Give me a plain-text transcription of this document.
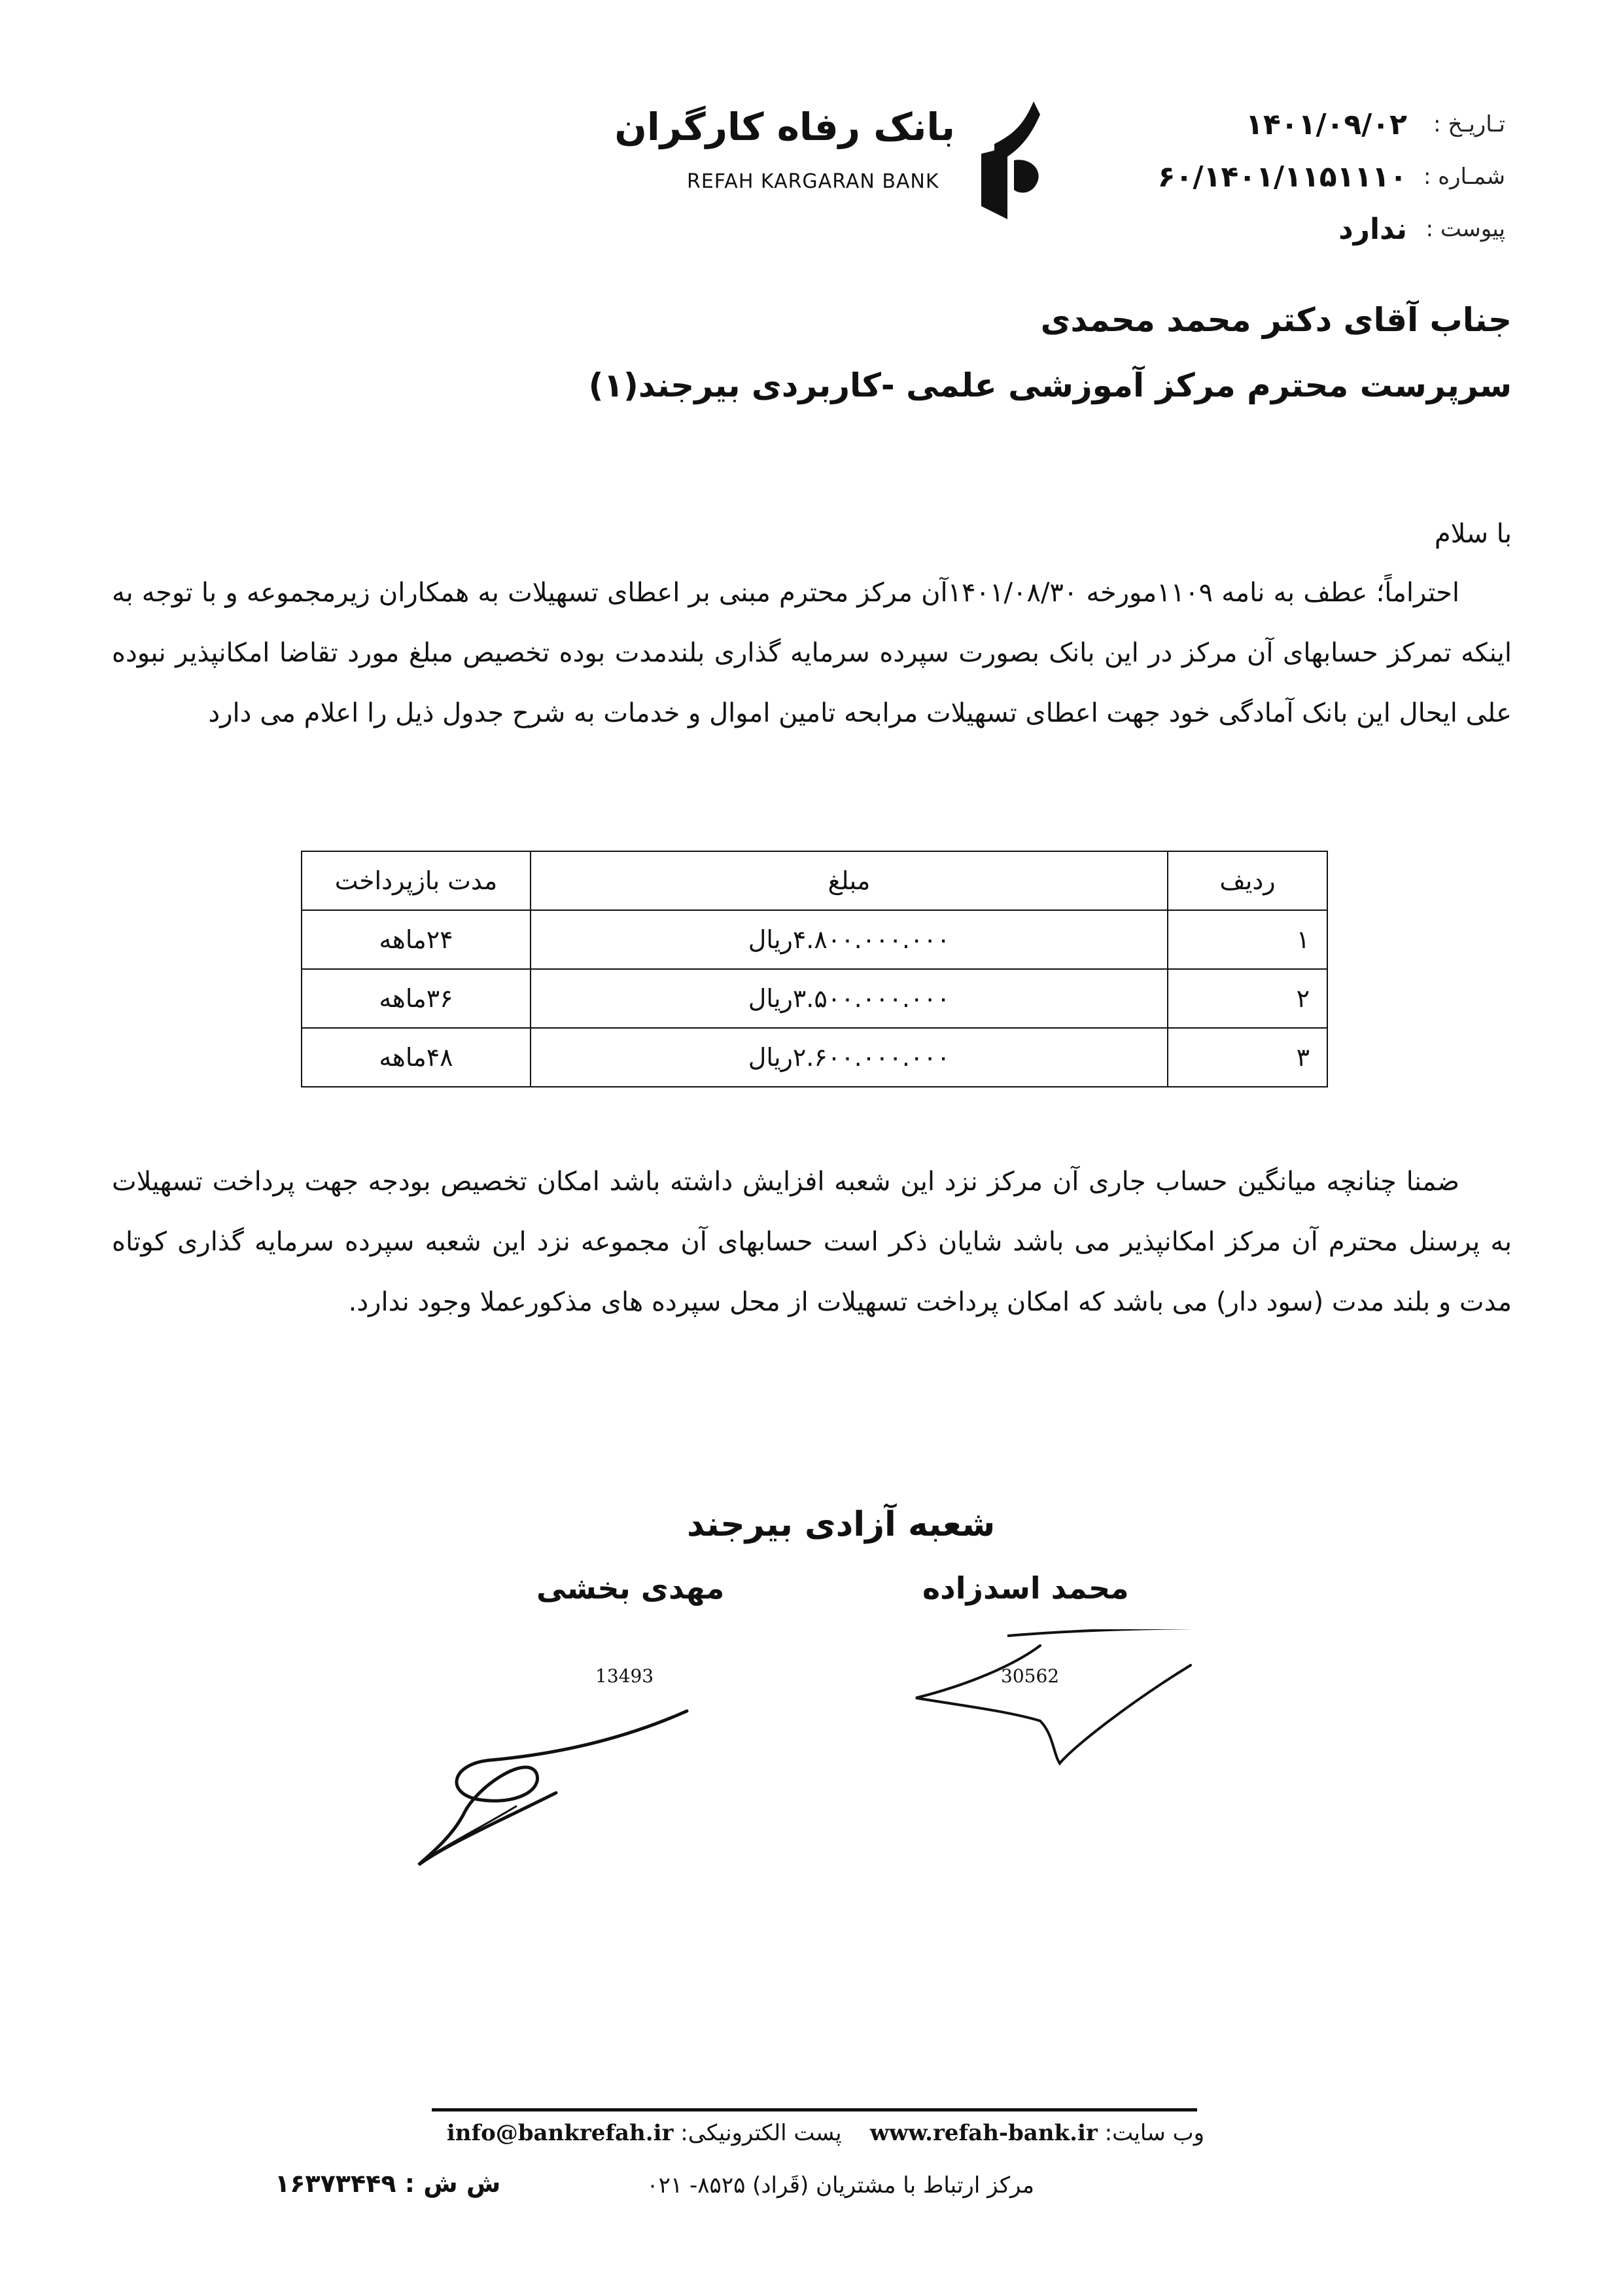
بانک رفاه کارگران
REFAH KARGARAN BANK
تـاریـخ :
۱۴۰۱/۰۹/۰۲
شمـاره :
۶۰/۱۴۰۱/۱۱۵۱۱۱۰
پیوست :
ندارد
جناب آقای دکتر محمد محمدی
سرپرست محترم مرکز آموزشی علمی -کاربردی بیرجند(۱)
با سلام
احتراماً؛ عطف به نامه ۱۱۰۹مورخه ۱۴۰۱/۰۸/۳۰آن مرکز محترم مبنی بر اعطای تسهیلات به همکاران زیرمجموعه و با توجه به اینکه تمرکز حسابهای آن مرکز در این بانک بصورت سپرده سرمایه گذاری بلندمدت بوده تخصیص مبلغ مورد تقاضا امکانپذیر نبوده علی ایحال این بانک آمادگی خود جهت اعطای تسهیلات مرابحه تامین اموال و خدمات به شرح جدول ذیل را اعلام می دارد
ردیف	مبلغ	مدت بازپرداخت
۱	۴.۸۰۰.۰۰۰.۰۰۰ریال	۲۴ماهه
۲	۳.۵۰۰.۰۰۰.۰۰۰ریال	۳۶ماهه
۳	۲.۶۰۰.۰۰۰.۰۰۰ریال	۴۸ماهه
ضمنا چنانچه میانگین حساب جاری آن مرکز نزد این شعبه افزایش داشته باشد امکان تخصیص بودجه جهت پرداخت تسهیلات به پرسنل محترم آن مرکز امکانپذیر می باشد شایان ذکر است حسابهای آن مجموعه نزد این شعبه سپرده سرمایه گذاری کوتاه مدت و بلند مدت (سود دار) می باشد که امکان پرداخت تسهیلات از محل سپرده های مذکورعملا وجود ندارد.
شعبه آزادی بیرجند
مهدی بخشی	محمد اسدزاده
13493	30562
وب سایت: www.refah-bank.ir    پست الکترونیکی: info@bankrefah.ir
مرکز ارتباط با مشتریان (قَراد) ۸۵۲۵- ۰۲۱
ش ش : ۱۶۳۷۳۴۴۹
